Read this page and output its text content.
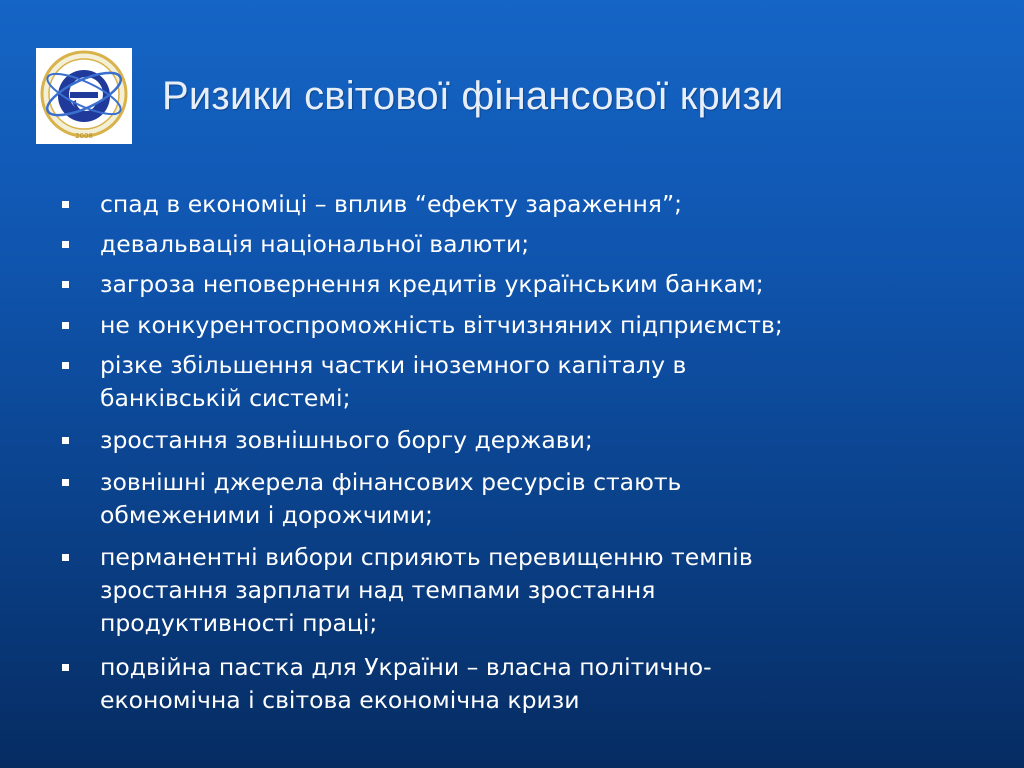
2008
Ризики світової фінансової кризи
спад в економіці – вплив “ефекту зараження”;
девальвація національної валюти;
загроза неповернення кредитів українським банкам;
не конкурентоспроможність вітчизняних підприємств;
різке збільшення частки іноземного капіталу в
банківській системі;
зростання зовнішнього боргу держави;
зовнішні джерела фінансових ресурсів стають
обмеженими і дорожчими;
перманентні вибори сприяють перевищенню темпів
зростання зарплати над темпами зростання
продуктивності праці;
подвійна пастка для України – власна політично-
економічна і світова економічна кризи
